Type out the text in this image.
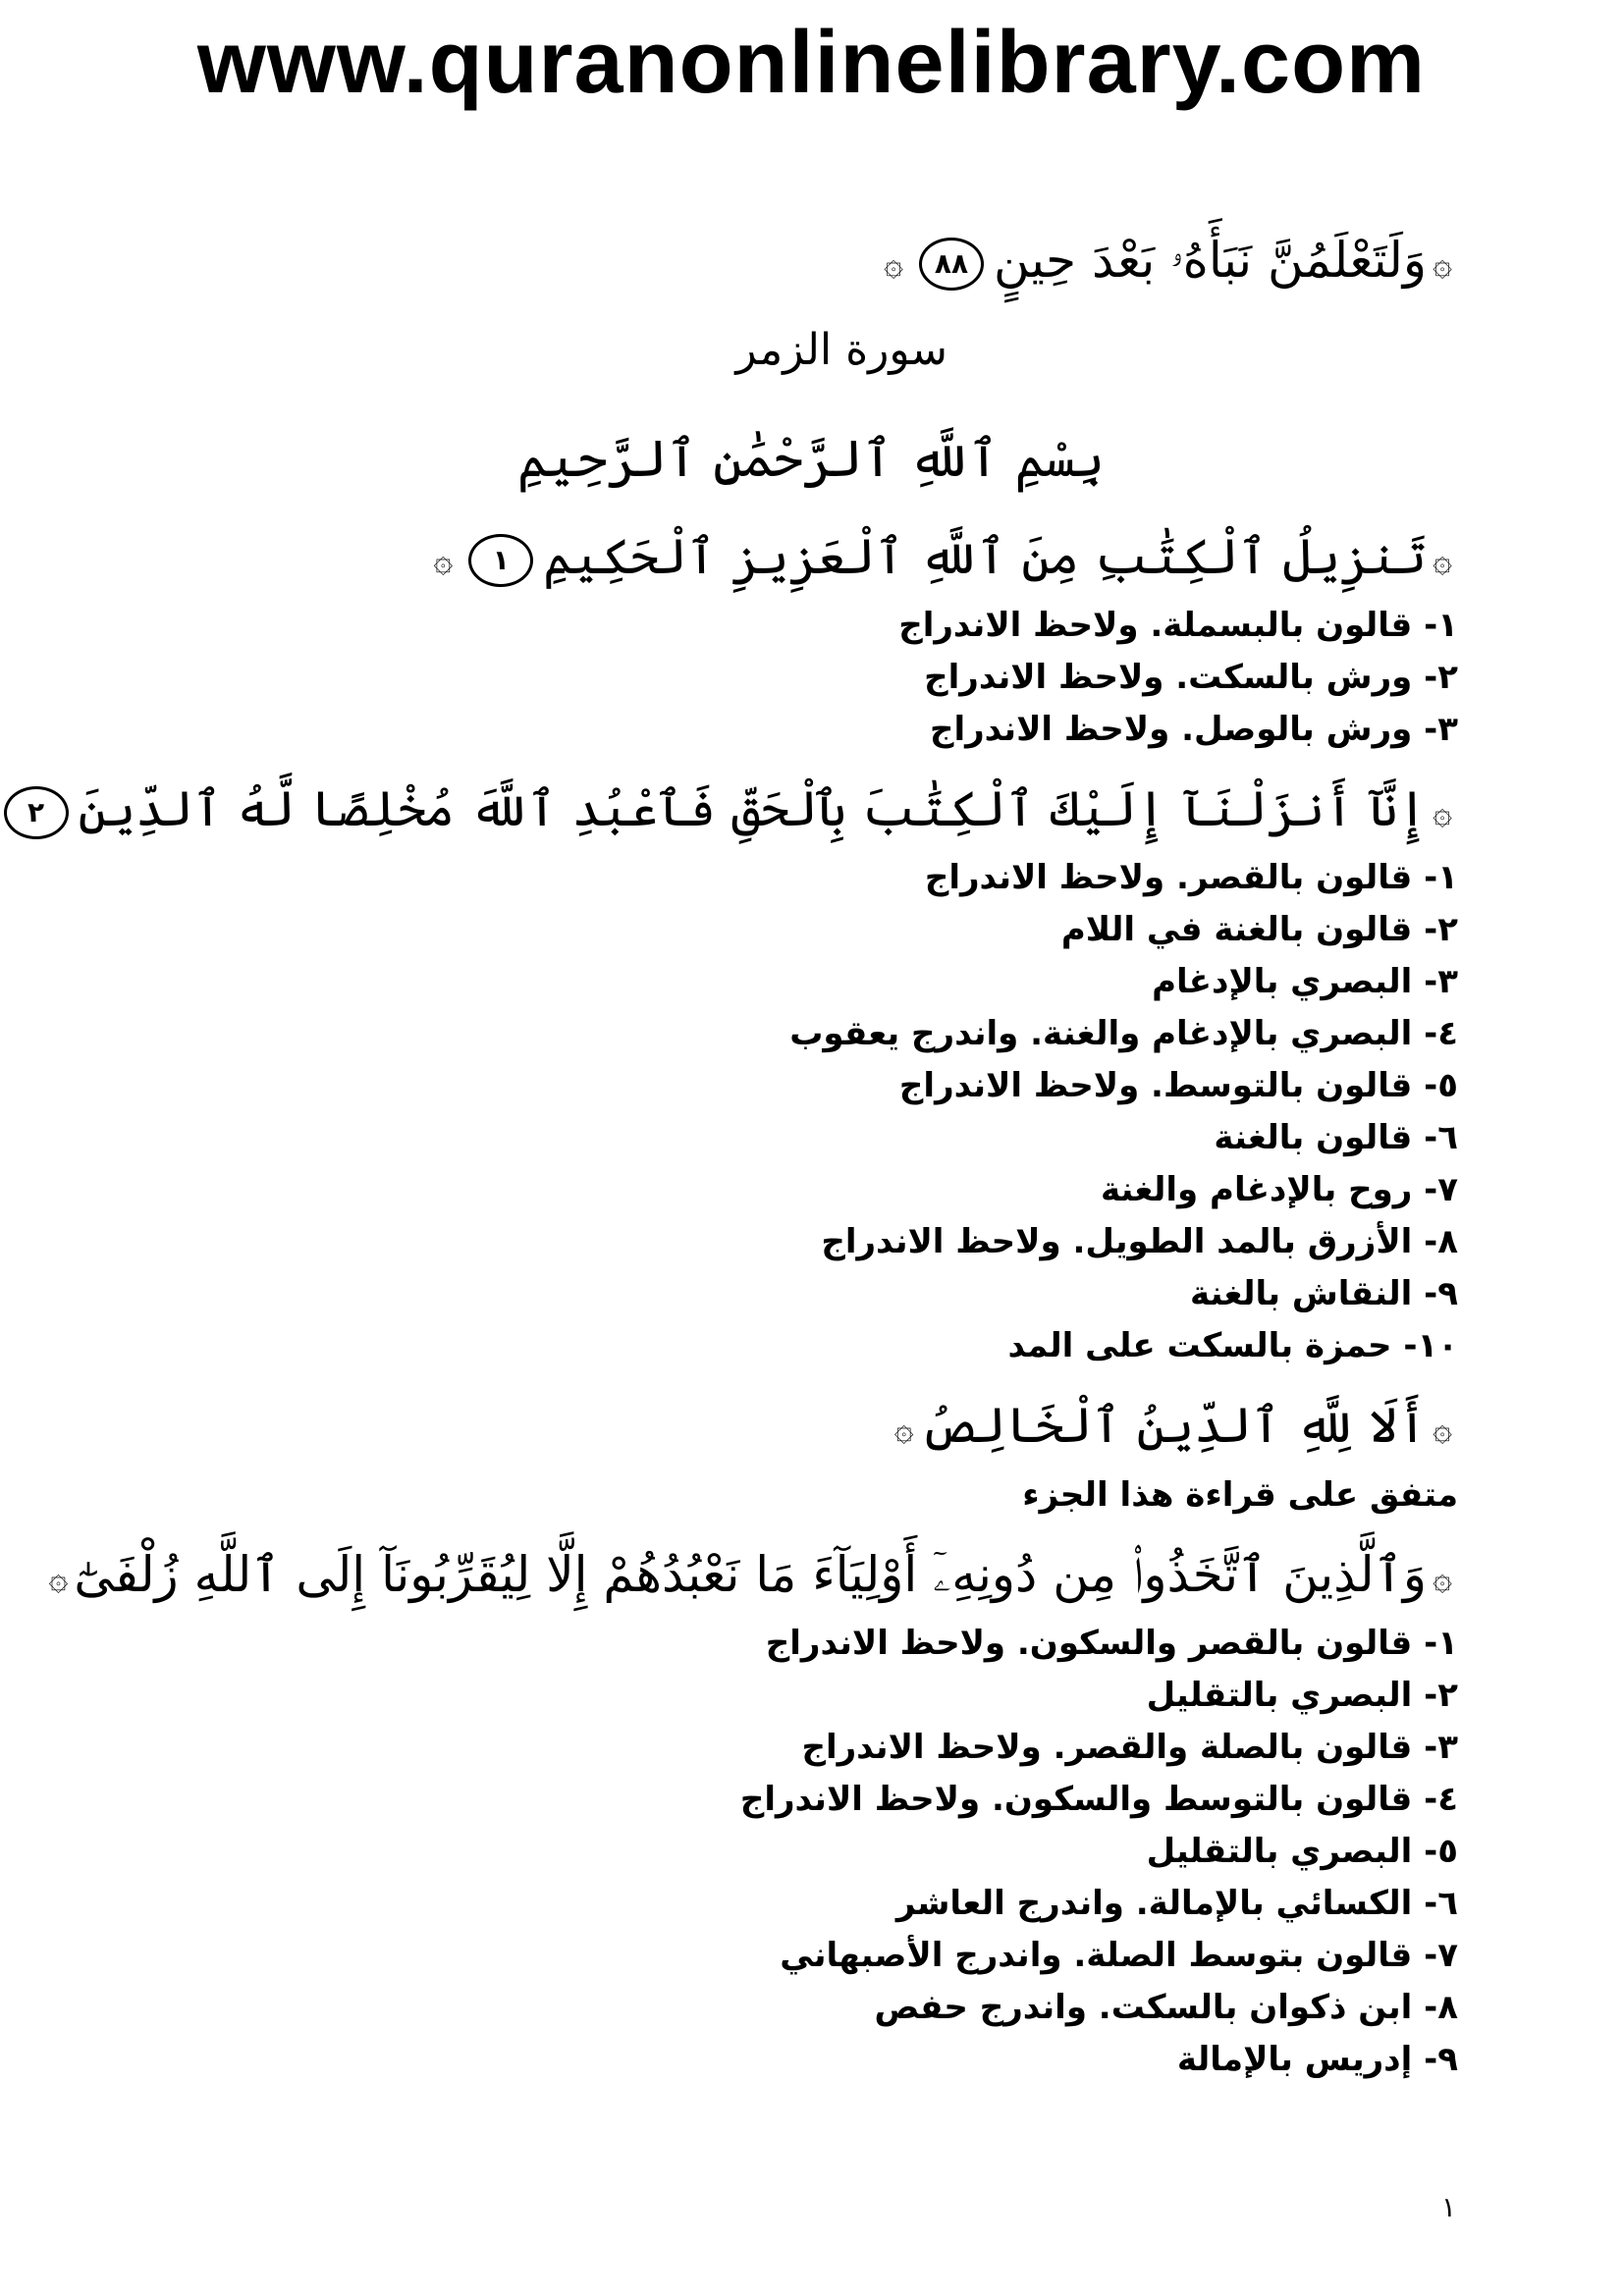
www.quranonlinelibrary.com

۞وَلَتَعْلَمُنَّ نَبَأَهُۥ بَعْدَ حِينٍ٨٨۞

سورة الزمر
بِسْمِ ٱللَّهِ ٱلرَّحْمَٰنِ ٱلرَّحِيمِ

۞تَنزِيلُ ٱلْكِتَٰبِ مِنَ ٱللَّهِ ٱلْعَزِيزِ ٱلْحَكِيمِ١۞

١- قالون بالبسملة. ولاحظ الاندراج
٢- ورش بالسكت. ولاحظ الاندراج
٣- ورش بالوصل. ولاحظ الاندراج

۞إِنَّآ أَنزَلْنَآ إِلَيْكَ ٱلْكِتَٰبَ بِٱلْحَقِّ فَٱعْبُدِ ٱللَّهَ مُخْلِصًا لَّهُ ٱلدِّينَ٢

١- قالون بالقصر. ولاحظ الاندراج
٢- قالون بالغنة في اللام
٣- البصري بالإدغام
٤- البصري بالإدغام والغنة. واندرج يعقوب
٥- قالون بالتوسط. ولاحظ الاندراج
٦- قالون بالغنة
٧- روح بالإدغام والغنة
٨- الأزرق بالمد الطويل. ولاحظ الاندراج
٩- النقاش بالغنة
١٠- حمزة بالسكت على المد

۞أَلَا لِلَّهِ ٱلدِّينُ ٱلْخَالِصُ۞

متفق على قراءة هذا الجزء

۞وَٱلَّذِينَ ٱتَّخَذُوا۟ مِن دُونِهِۦٓ أَوْلِيَآءَ مَا نَعْبُدُهُمْ إِلَّا لِيُقَرِّبُونَآ إِلَى ٱللَّهِ زُلْفَىٰٓ۞

١- قالون بالقصر والسكون. ولاحظ الاندراج
٢- البصري بالتقليل
٣- قالون بالصلة والقصر. ولاحظ الاندراج
٤- قالون بالتوسط والسكون. ولاحظ الاندراج
٥- البصري بالتقليل
٦- الكسائي بالإمالة. واندرج العاشر
٧- قالون بتوسط الصلة. واندرج الأصبهاني
٨- ابن ذكوان بالسكت. واندرج حفص
٩- إدريس بالإمالة
١
